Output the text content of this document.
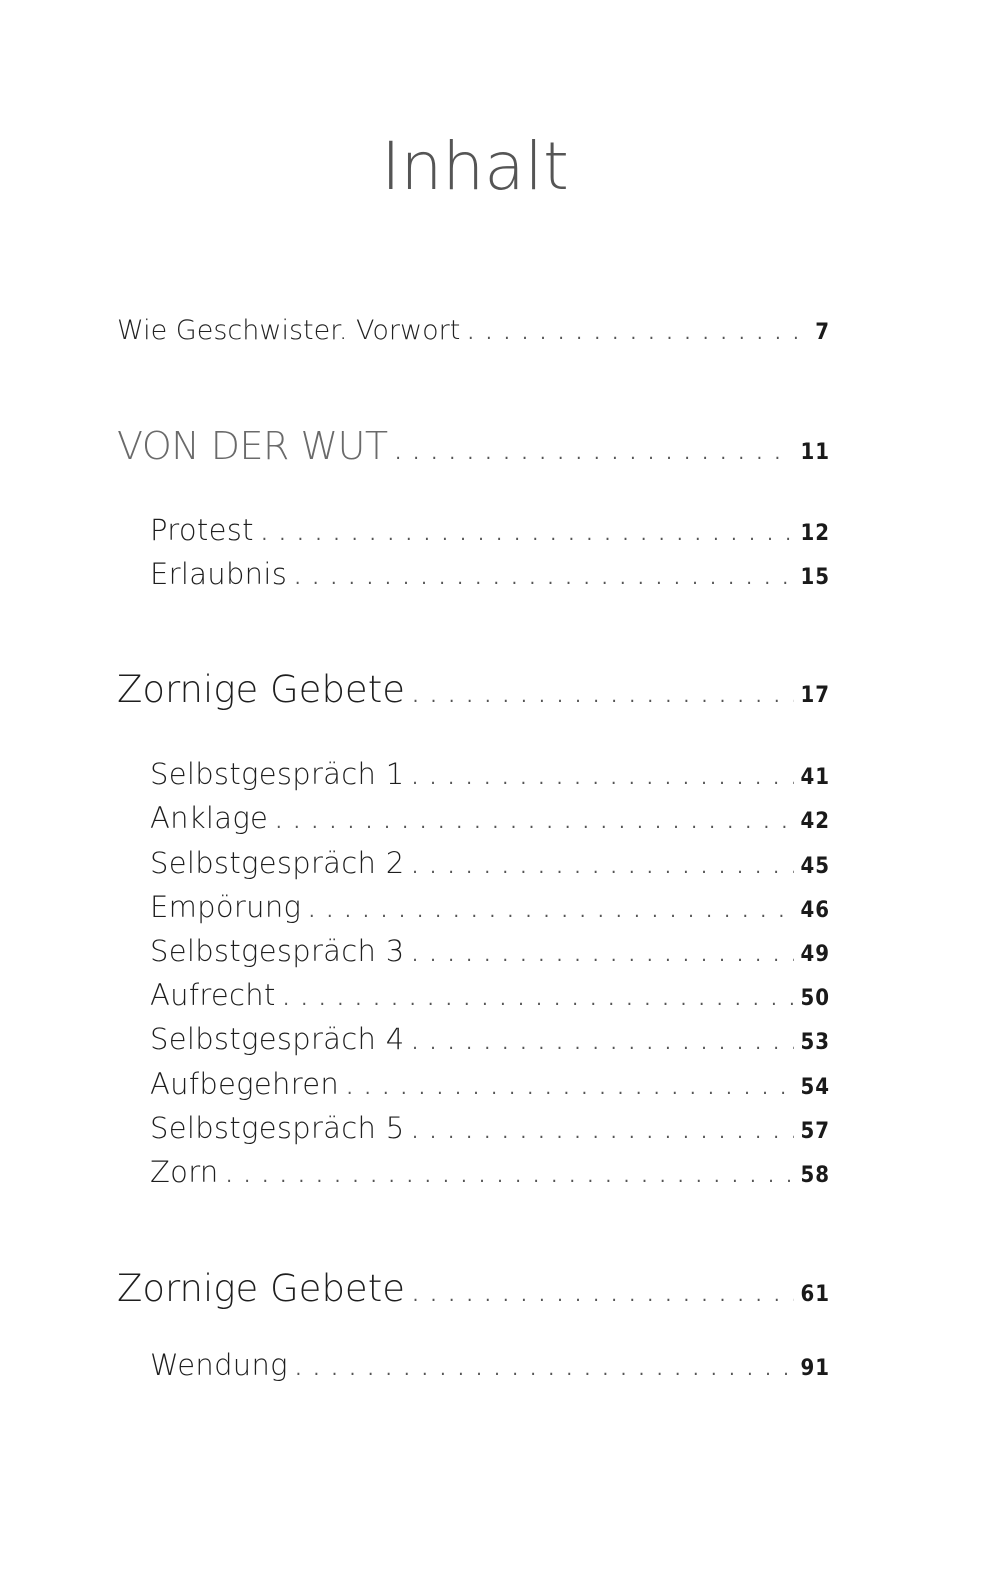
Inhalt
Wie Geschwister. Vorwort . . .	7
VON DER WUT . . .	11
Protest . . .	12
Erlaubnis . . .	15
Zornige Gebete . . .	17
Selbstgespräch 1 . . .	41
Anklage . . .	42
Selbstgespräch 2 . . .	45
Empörung . . .	46
Selbstgespräch 3 . . .	49
Aufrecht . . .	50
Selbstgespräch 4 . . .	53
Aufbegehren . . .	54
Selbstgespräch 5 . . .	57
Zorn . . .	58
Zornige Gebete . . .	61
Wendung . . .	91
